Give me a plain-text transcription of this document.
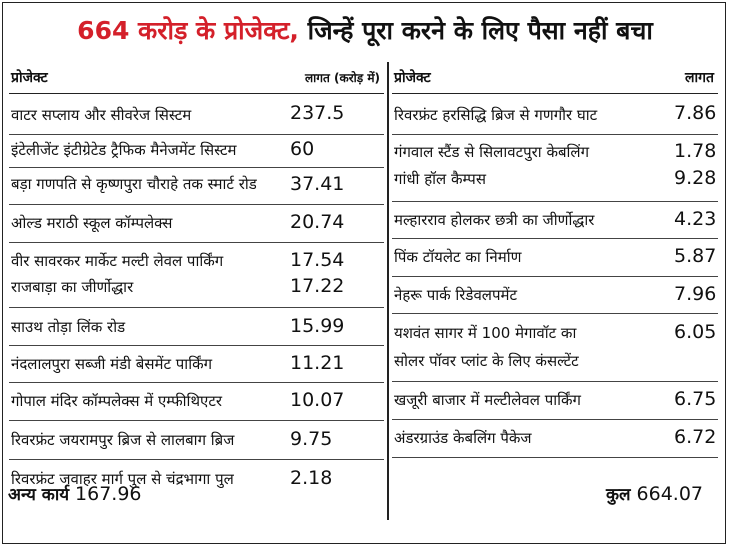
664 करोड़ के प्रोजेक्ट, जिन्हें पूरा करने के लिए पैसा नहीं बचा
प्रोजेक्ट	लागत (करोड़ में)
वाटर सप्लाय और सीवरेज सिस्टम	237.5
इंटेलीजेंट इंटीग्रेटेड ट्रैफिक मैनेजमेंट सिस्टम	60
बड़ा गणपति से कृष्णपुरा चौराहे तक स्मार्ट रोड 37.41
ओल्ड मराठी स्कूल कॉम्पलेक्स	20.74
वीर सावरकर मार्केट मल्टी लेवल पार्किंग	17.54
राजबाड़ा का जीर्णोद्धार	17.22
साउथ तोड़ा लिंक रोड	15.99
नंदलालपुरा सब्जी मंडी बेसमेंट पार्किंग	11.21
गोपाल मंदिर कॉम्पलेक्स में एम्फीथिएटर	10.07
रिवरफ्रंट जयरामपुर ब्रिज से लालबाग ब्रिज	9.75
रिवरफ्रंट जवाहर मार्ग पुल से चंद्रभागा पुल	2.18
प्रोजेक्ट	लागत
रिवरफ्रंट हरसिद्धि ब्रिज से गणगौर घाट	7.86
गंगवाल स्टैंड से सिलावटपुरा केबलिंग	1.78
गांधी हॉल कैम्पस	9.28
मल्हारराव होलकर छत्री का जीर्णोद्धार	4.23
पिंक टॉयलेट का निर्माण	5.87
नेहरू पार्क रिडेवलपमेंट	7.96
यशवंत सागर में 100 मेगावॉट का	6.05
सोलर पॉवर प्लांट के लिए कंसल्टेंट
खजूरी बाजार में मल्टीलेवल पार्किंग	6.75
अंडरग्राउंड केबलिंग पैकेज	6.72
अन्य कार्य 167.96	कुल 664.07
